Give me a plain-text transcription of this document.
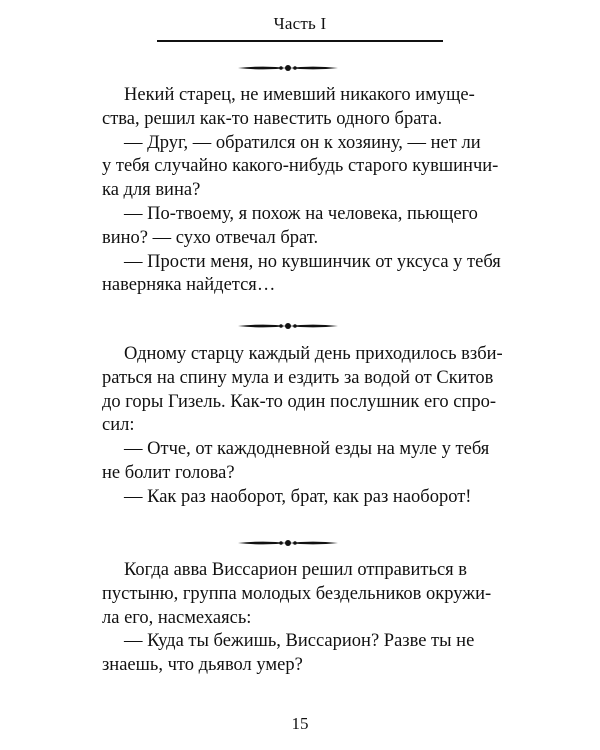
Часть I
Некий старец, не имевший никакого имуще-
ства, решил как-то навестить одного брата.
— Друг, — обратился он к хозяину, — нет ли
у тебя случайно какого-нибудь старого кувшинчи-
ка для вина?
— По-твоему, я похож на человека, пьющего
вино? — сухо отвечал брат.
— Прости меня, но кувшинчик от уксуса у тебя
наверняка найдется…
Одному старцу каждый день приходилось взби-
раться на спину мула и ездить за водой от Скитов
до горы Гизель. Как-то один послушник его спро-
сил:
— Отче, от каждодневной езды на муле у тебя
не болит голова?
— Как раз наоборот, брат, как раз наоборот!
Когда авва Виссарион решил отправиться в
пустыню, группа молодых бездельников окружи-
ла его, насмехаясь:
— Куда ты бежишь, Виссарион? Разве ты не
знаешь, что дьявол умер?
15
